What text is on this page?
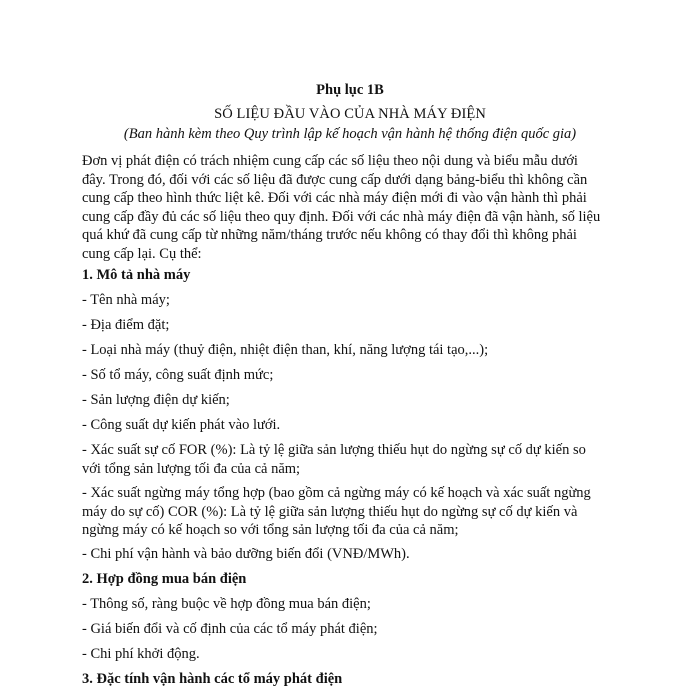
Phụ lục 1B
SỐ LIỆU ĐẦU VÀO CỦA NHÀ MÁY ĐIỆN
(Ban hành kèm theo Quy trình lập kế hoạch vận hành hệ thống điện quốc gia)
Đơn vị phát điện có trách nhiệm cung cấp các số liệu theo nội dung và biểu mẫu dưới
đây. Trong đó, đối với các số liệu đã được cung cấp dưới dạng bảng-biểu thì không cần
cung cấp theo hình thức liệt kê. Đối với các nhà máy điện mới đi vào vận hành thì phải
cung cấp đầy đủ các số liệu theo quy định. Đối với các nhà máy điện đã vận hành, số liệu
quá khứ đã cung cấp từ những năm/tháng trước nếu không có thay đổi thì không phải
cung cấp lại. Cụ thể:
1. Mô tả nhà máy
- Tên nhà máy;
- Địa điểm đặt;
- Loại nhà máy (thuỷ điện, nhiệt điện than, khí, năng lượng tái tạo,...);
- Số tổ máy, công suất định mức;
- Sản lượng điện dự kiến;
- Công suất dự kiến phát vào lưới.
- Xác suất sự cố FOR (%): Là tỷ lệ giữa sản lượng thiếu hụt do ngừng sự cố dự kiến so
với tổng sản lượng tối đa của cả năm;
- Xác suất ngừng máy tổng hợp (bao gồm cả ngừng máy có kế hoạch và xác suất ngừng
máy do sự cố) COR (%): Là tỷ lệ giữa sản lượng thiếu hụt do ngừng sự cố dự kiến và
ngừng máy có kế hoạch so với tổng sản lượng tối đa của cả năm;
- Chi phí vận hành và bảo dưỡng biến đổi (VNĐ/MWh).
2. Hợp đồng mua bán điện
- Thông số, ràng buộc về hợp đồng mua bán điện;
- Giá biến đổi và cố định của các tổ máy phát điện;
- Chi phí khởi động.
3. Đặc tính vận hành các tổ máy phát điện
